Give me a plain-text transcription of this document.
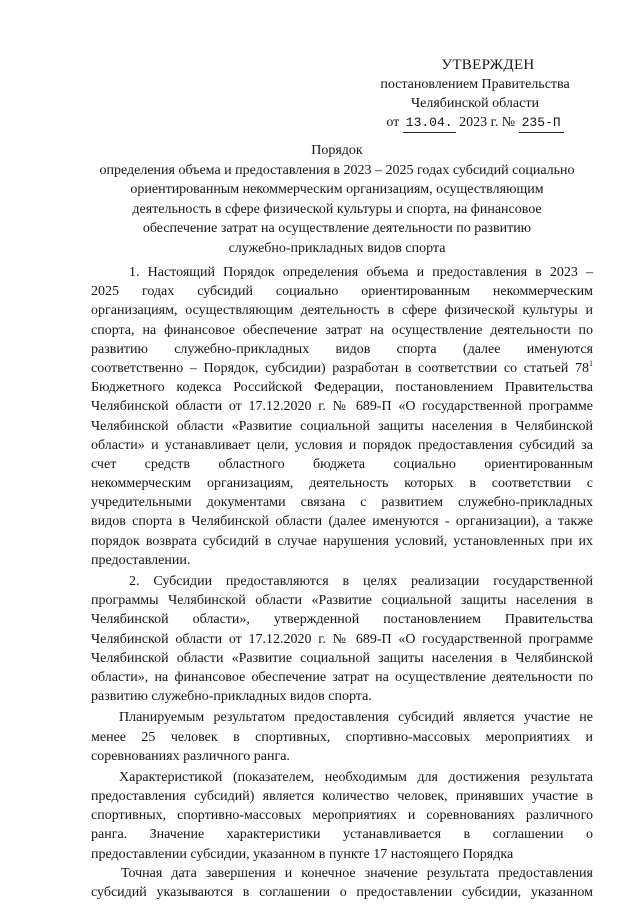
УТВЕРЖДЕН
постановлением Правительства
Челябинской области
от 13.04. 2023 г. № 235-П
Порядок
определения объема и предоставления в 2023 – 2025 годах субсидий социально
ориентированным некоммерческим организациям, осуществляющим
деятельность в сфере физической культуры и спорта, на финансовое
обеспечение затрат на осуществление деятельности по развитию
служебно-прикладных видов спорта
1. Настоящий Порядок определения объема и предоставления в 2023 –
2025 годах субсидий социально ориентированным некоммерческим
организациям, осуществляющим деятельность в сфере физической культуры и
спорта, на финансовое обеспечение затрат на осуществление деятельности по
развитию служебно-прикладных видов спорта (далее именуются
соответственно – Порядок, субсидии) разработан в соответствии со статьей $78^1$
Бюджетного кодекса Российской Федерации, постановлением Правительства
Челябинской области от 17.12.2020 г. № 689-П «О государственной программе
Челябинской области «Развитие социальной защиты населения в Челябинской
области» и устанавливает цели, условия и порядок предоставления субсидий за
счет средств областного бюджета социально ориентированным
некоммерческим организациям, деятельность которых в соответствии с
учредительными документами связана с развитием служебно-прикладных
видов спорта в Челябинской области (далее именуются - организации), а также
порядок возврата субсидий в случае нарушения условий, установленных при их
предоставлении.
2. Субсидии предоставляются в целях реализации государственной
программы Челябинской области «Развитие социальной защиты населения в
Челябинской области», утвержденной постановлением Правительства
Челябинской области от 17.12.2020 г. № 689-П «О государственной программе
Челябинской области «Развитие социальной защиты населения в Челябинской
области», на финансовое обеспечение затрат на осуществление деятельности по
развитию служебно-прикладных видов спорта.
Планируемым результатом предоставления субсидий является участие не
менее 25 человек в спортивных, спортивно-массовых мероприятиях и
соревнованиях различного ранга.
Характеристикой (показателем, необходимым для достижения результата
предоставления субсидий) является количество человек, принявших участие в
спортивных, спортивно-массовых мероприятиях и соревнованиях различного
ранга. Значение характеристики устанавливается в соглашении о
предоставлении субсидии, указанном в пункте 17 настоящего Порядка
Точная дата завершения и конечное значение результата предоставления
субсидий указываются в соглашении о предоставлении субсидии, указанном
